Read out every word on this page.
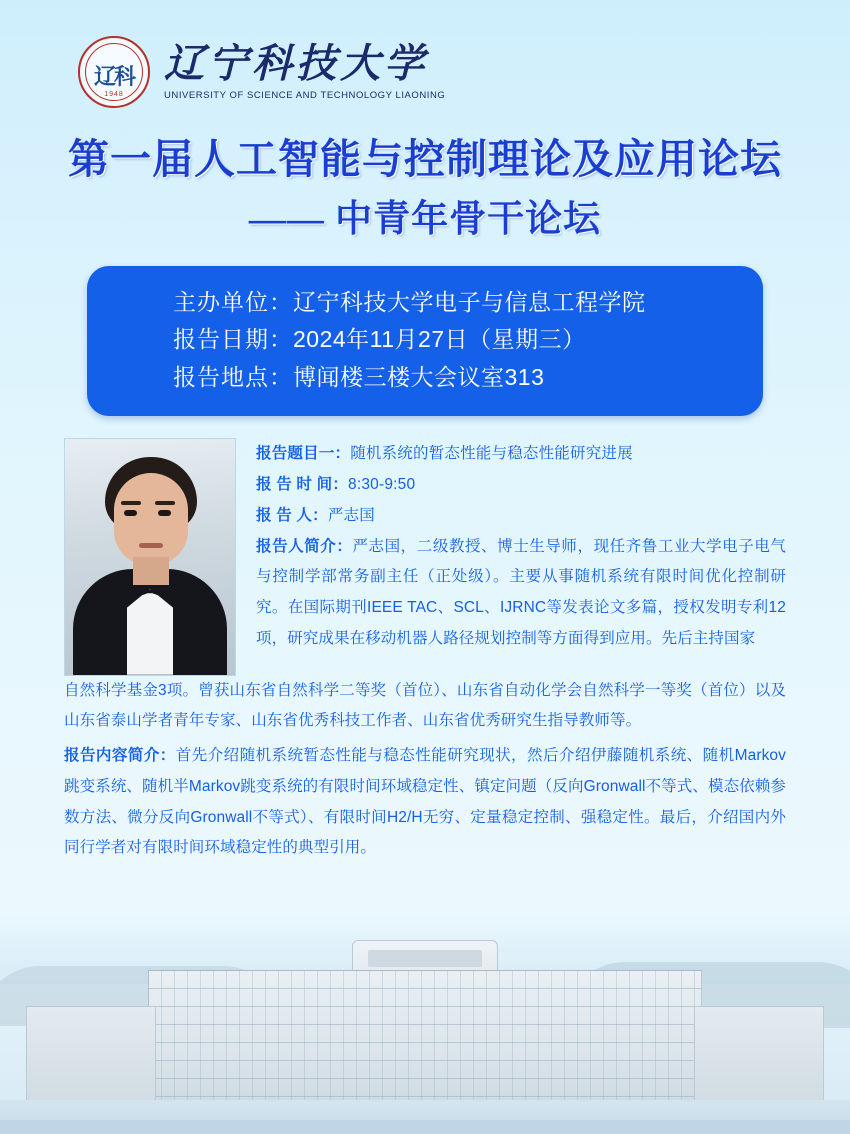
辽科
1948
辽宁科技大学
UNIVERSITY OF SCIENCE AND TECHNOLOGY LIAONING
第一届人工智能与控制理论及应用论坛
—— 中青年骨干论坛
主办单位：辽宁科技大学电子与信息工程学院
报告日期：2024年11月27日（星期三）
报告地点：博闻楼三楼大会议室313
报告题目一：随机系统的暂态性能与稳态性能研究进展
报 告 时 间：8:30-9:50
报 告 人：严志国
报告人简介：严志国，二级教授、博士生导师，现任齐鲁工业大学电子电气与控制学部常务副主任（正处级）。主要从事随机系统有限时间优化控制研究。在国际期刊IEEE TAC、SCL、IJRNC等发表论文多篇，授权发明专利12项，研究成果在移动机器人路径规划控制等方面得到应用。先后主持国家
自然科学基金3项。曾获山东省自然科学二等奖（首位）、山东省自动化学会自然科学一等奖（首位）以及山东省泰山学者青年专家、山东省优秀科技工作者、山东省优秀研究生指导教师等。
报告内容简介：首先介绍随机系统暂态性能与稳态性能研究现状，然后介绍伊藤随机系统、随机Markov跳变系统、随机半Markov跳变系统的有限时间环域稳定性、镇定问题（反向Gronwall不等式、模态依赖参数方法、微分反向Gronwall不等式）、有限时间H2/H无穷、定量稳定控制、强稳定性。最后，介绍国内外同行学者对有限时间环域稳定性的典型引用。
